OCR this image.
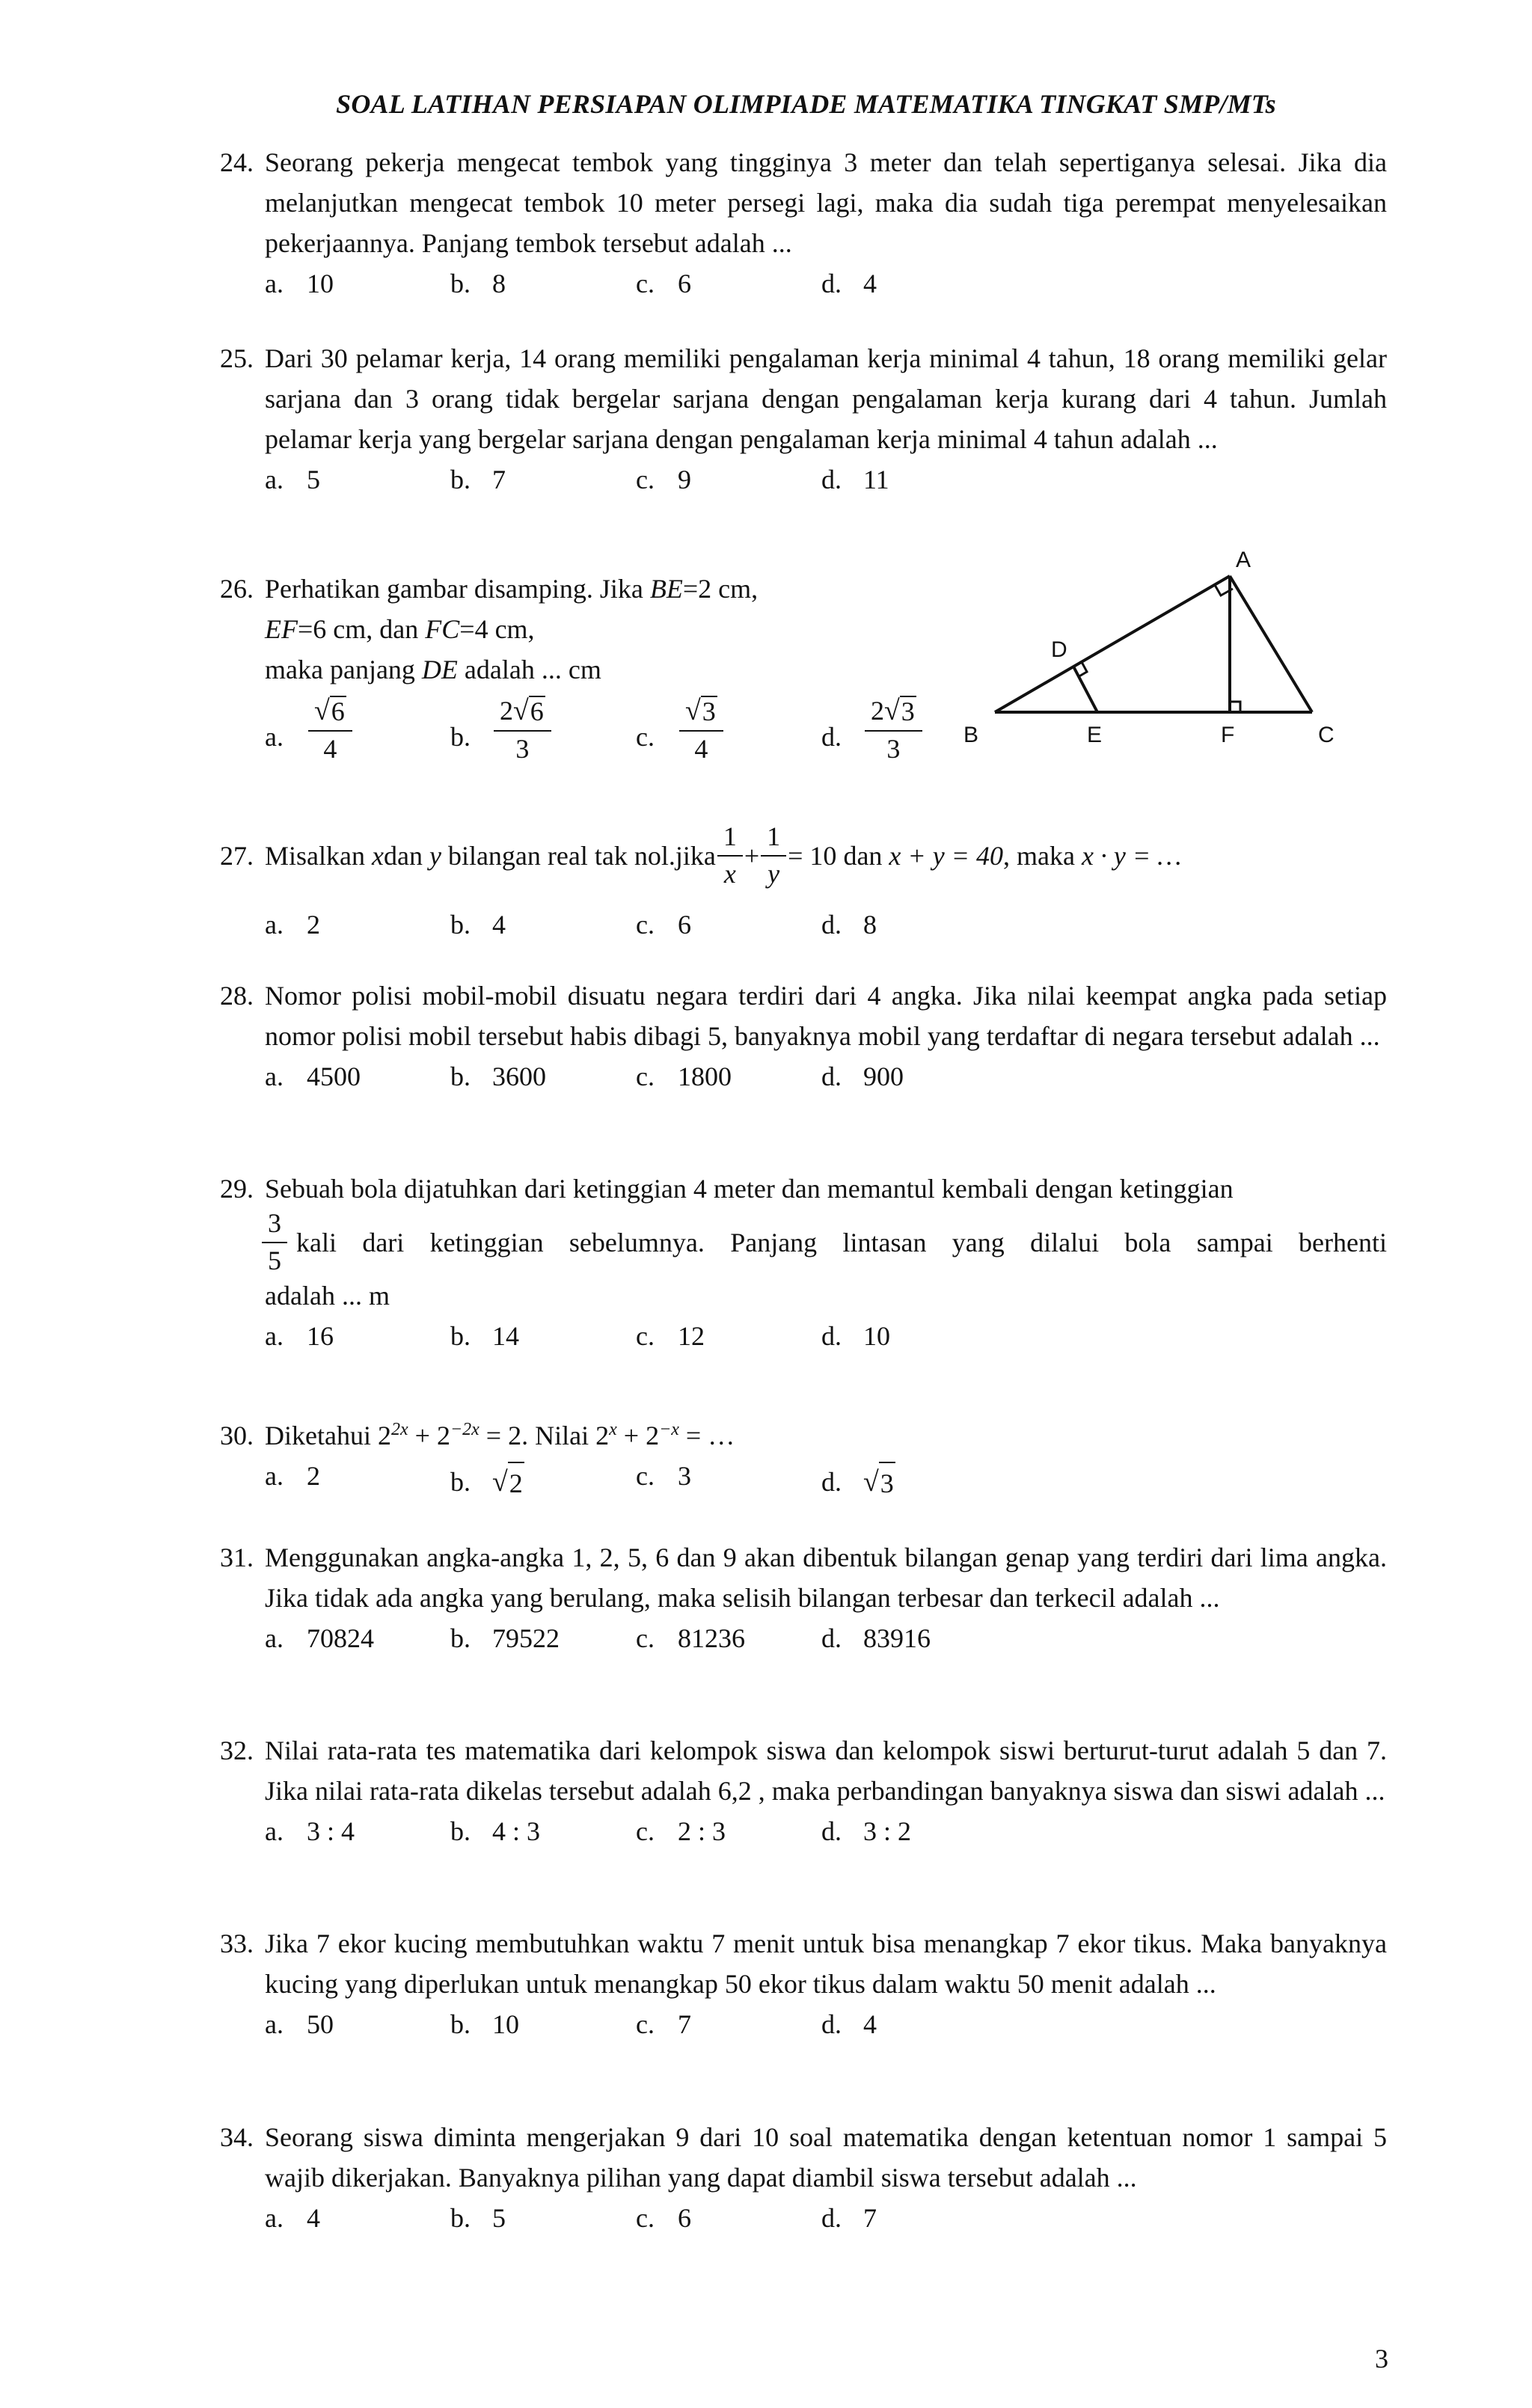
SOAL LATIHAN PERSIAPAN OLIMPIADE MATEMATIKA TINGKAT SMP/MTs
24. Seorang pekerja mengecat tembok yang tingginya 3 meter dan telah sepertiganya selesai. Jika dia melanjutkan mengecat tembok 10 meter persegi lagi, maka dia sudah tiga perempat menyelesaikan pekerjaannya. Panjang tembok tersebut adalah ...
a. 10	b. 8	c. 6	d. 4
25. Dari 30 pelamar kerja, 14 orang memiliki pengalaman kerja minimal 4 tahun, 18 orang memiliki gelar sarjana dan 3 orang tidak bergelar sarjana dengan pengalaman kerja kurang dari 4 tahun. Jumlah pelamar kerja yang bergelar sarjana dengan pengalaman kerja minimal 4 tahun adalah ...
a. 5	b. 7	c. 9	d. 11
26. Perhatikan gambar disamping. Jika BE=2 cm,
EF=6 cm, dan FC=4 cm,
maka panjang DE adalah ... cm
a. $\frac{√ 6}{4}$	b. $\frac{2 √ 6}{3}$	c. $\frac{√ 3}{4}$	d. $\frac{2 √ 3}{3}$
A
B	C
D
E	F
27. Misalkan
x dan
y bilangan real tak nol.jika $\frac{1}{x} + \frac{1}{y} = 10$ dan x + y = 40 , maka x · y = …
a. 2	b. 4	c. 6	d. 8
28. Nomor polisi mobil-mobil disuatu negara terdiri dari 4 angka. Jika nilai keempat angka pada setiap nomor polisi mobil tersebut habis dibagi 5, banyaknya mobil yang terdaftar di negara tersebut adalah ...
a. 4500	b. 3600	c. 1800	d. 900
29. Sebuah bola dijatuhkan dari ketinggian 4 meter dan memantul kembali dengan ketinggian
$\frac{3}{5}$ kali dari ketinggian sebelumnya. Panjang lintasan yang dilalui bola sampai berhenti
adalah ... m
a. 16	b. 14	c. 12	d. 10
30. Diketahui $2^{2x} + 2^{-2x} = 2$. Nilai $2^x + 2^{-x}$ = …
a. 2	b. √ 2	c. 3	d. √ 3
31. Menggunakan angka-angka 1, 2, 5, 6 dan 9 akan dibentuk bilangan genap yang terdiri dari lima angka. Jika tidak ada angka yang berulang, maka selisih bilangan terbesar dan terkecil adalah ...
a. 70824	b. 79522	c. 81236	d. 83916
32. Nilai rata-rata tes matematika dari kelompok siswa dan kelompok siswi berturut-turut adalah 5 dan 7. Jika nilai rata-rata dikelas tersebut adalah 6,2 , maka perbandingan banyaknya siswa dan siswi adalah ...
a. 3 : 4	b. 4 : 3	c. 2 : 3	d. 3 : 2
33. Jika 7 ekor kucing membutuhkan waktu 7 menit untuk bisa menangkap 7 ekor tikus. Maka banyaknya kucing yang diperlukan untuk menangkap 50 ekor tikus dalam waktu 50 menit adalah ...
a. 50	b. 10	c. 7	d. 4
34. Seorang siswa diminta mengerjakan 9 dari 10 soal matematika dengan ketentuan nomor 1 sampai 5 wajib dikerjakan. Banyaknya pilihan yang dapat diambil siswa tersebut adalah ...
a. 4	b. 5	c. 6	d. 7
3
